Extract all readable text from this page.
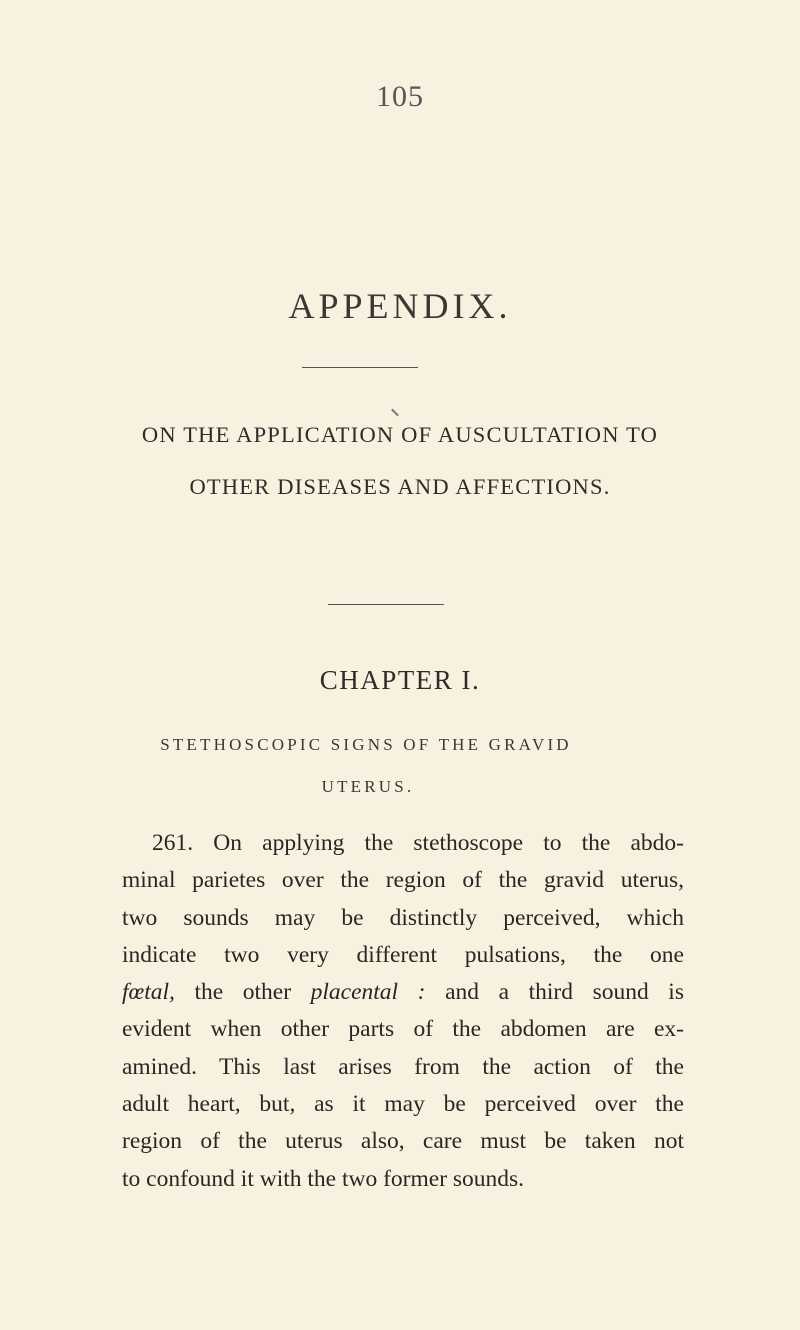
105
APPENDIX.
ON THE APPLICATION OF AUSCULTATION TO
OTHER DISEASES AND AFFECTIONS.
CHAPTER I.
STETHOSCOPIC SIGNS OF THE GRAVID
UTERUS.
261. On applying the stethoscope to the abdo-
minal parietes over the region of the gravid uterus,
two sounds may be distinctly perceived, which
indicate two very different pulsations, the one
fœtal, the other placental : and a third sound is
evident when other parts of the abdomen are ex-
amined. This last arises from the action of the
adult heart, but, as it may be perceived over the
region of the uterus also, care must be taken not
to confound it with the two former sounds.
